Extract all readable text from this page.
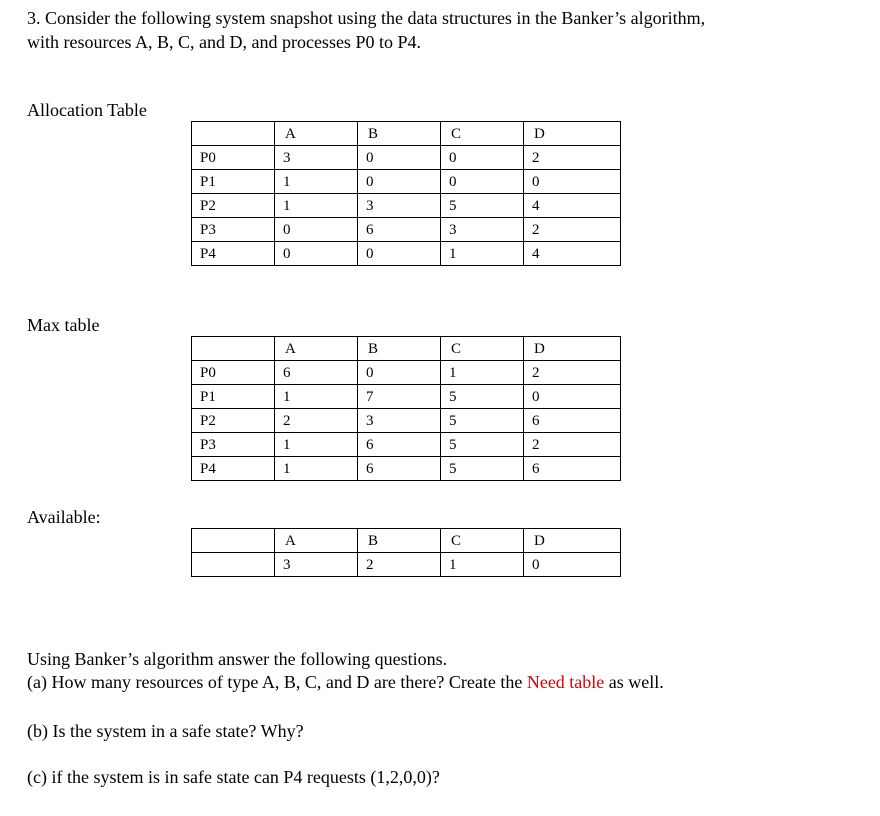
3. Consider the following system snapshot using the data structures in the Banker’s algorithm,
with resources A, B, C, and D, and processes P0 to P4.
Allocation Table
	A	B	C	D
P0	3	0	0	2
P1	1	0	0	0
P2	1	3	5	4
P3	0	6	3	2
P4	0	0	1	4
Max table
	A	B	C	D
P0	6	0	1	2
P1	1	7	5	0
P2	2	3	5	6
P3	1	6	5	2
P4	1	6	5	6
Available:
	A	B	C	D
	3	2	1	0
Using Banker’s algorithm answer the following questions.
(a) How many resources of type A, B, C, and D are there? Create the Need table as well.
(b) Is the system in a safe state? Why?
(c) if the system is in safe state can P4 requests (1,2,0,0)?
